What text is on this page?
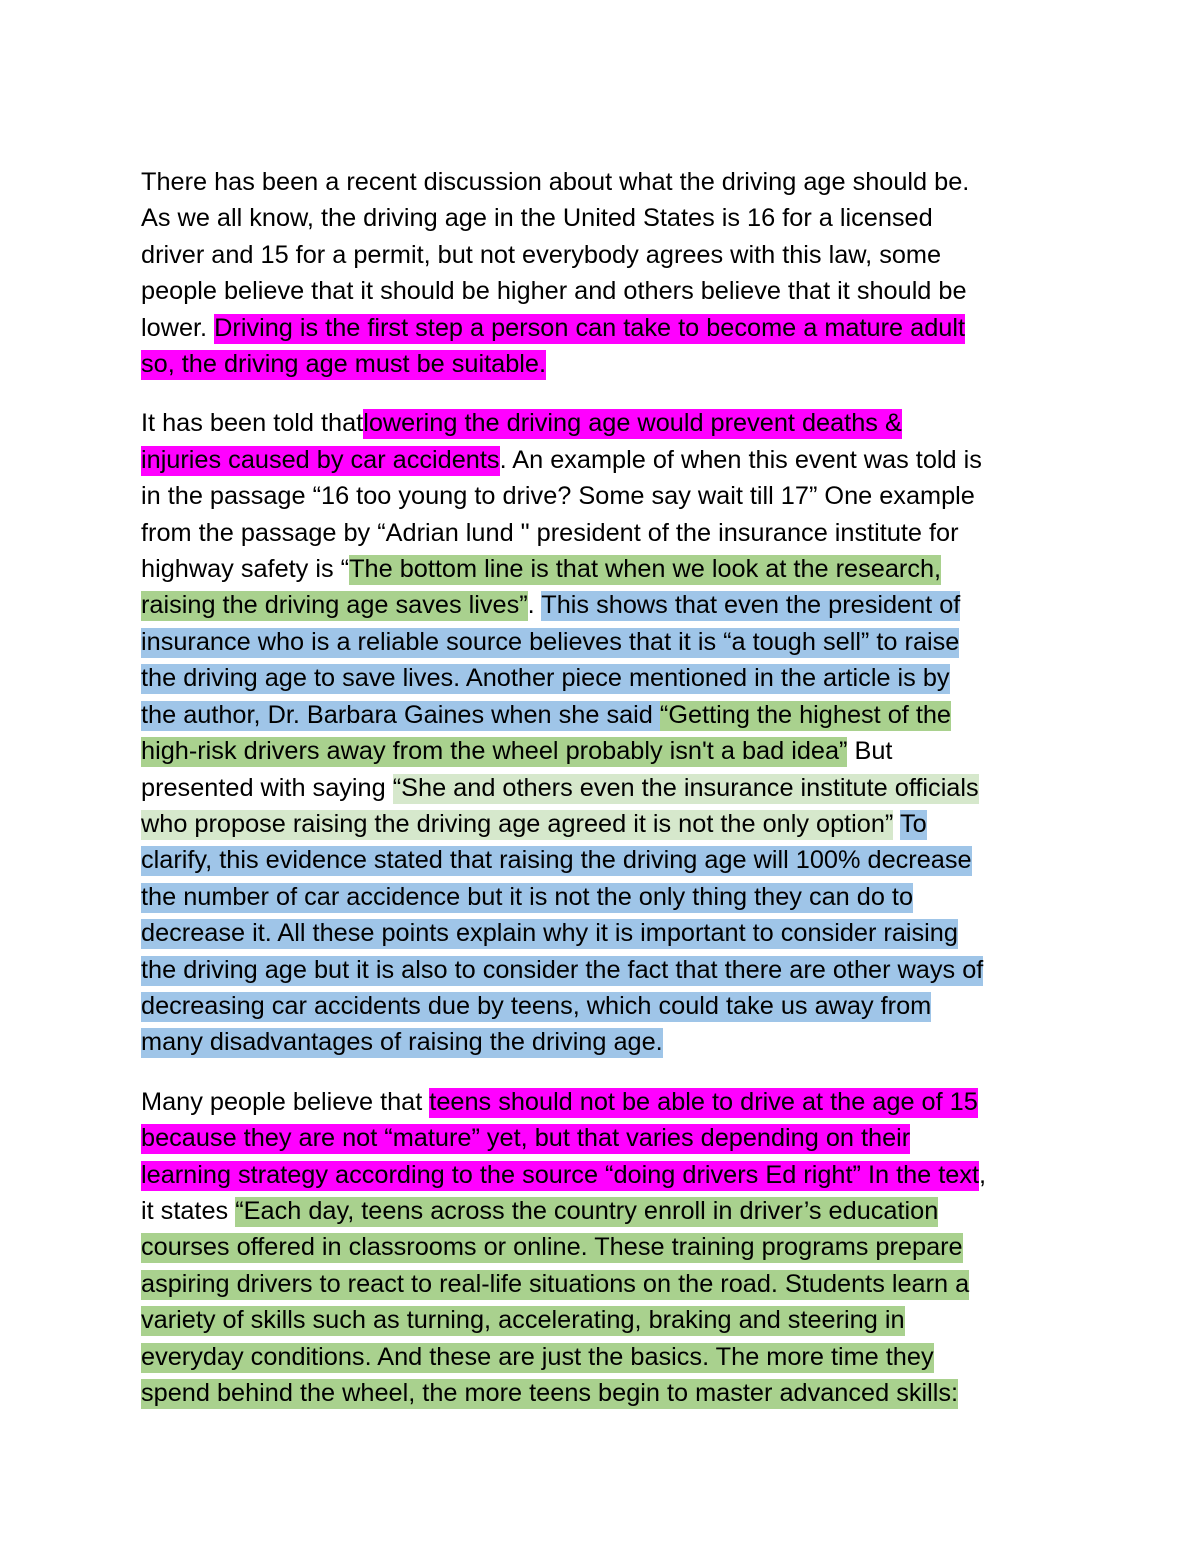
There has been a recent discussion about what the driving age should be.
As we all know, the driving age in the United States is 16 for a licensed
driver and 15 for a permit, but not everybody agrees with this law, some
people believe that it should be higher and others believe that it should be
lower. Driving is the first step a person can take to become a mature adult
so, the driving age must be suitable.

It has been told thatlowering the driving age would prevent deaths &
injuries caused by car accidents. An example of when this event was told is
in the passage “16 too young to drive? Some say wait till 17” One example
from the passage by “Adrian lund " president of the insurance institute for
highway safety is “The bottom line is that when we look at the research,
raising the driving age saves lives”. This shows that even the president of
insurance who is a reliable source believes that it is “a tough sell” to raise
the driving age to save lives. Another piece mentioned in the article is by
the author, Dr. Barbara Gaines when she said “Getting the highest of the
high-risk drivers away from the wheel probably isn't a bad idea” But
presented with saying “She and others even the insurance institute officials
who propose raising the driving age agreed it is not the only option” To
clarify, this evidence stated that raising the driving age will 100% decrease
the number of car accidence but it is not the only thing they can do to
decrease it. All these points explain why it is important to consider raising
the driving age but it is also to consider the fact that there are other ways of
decreasing car accidents due by teens, which could take us away from
many disadvantages of raising the driving age.

Many people believe that teens should not be able to drive at the age of 15
because they are not “mature” yet, but that varies depending on their
learning strategy according to the source “doing drivers Ed right” In the text,
it states “Each day, teens across the country enroll in driver’s education
courses offered in classrooms or online. These training programs prepare
aspiring drivers to react to real‐life situations on the road. Students learn a
variety of skills such as turning, accelerating, braking and steering in
everyday conditions. And these are just the basics. The more time they
spend behind the wheel, the more teens begin to master advanced skills:
